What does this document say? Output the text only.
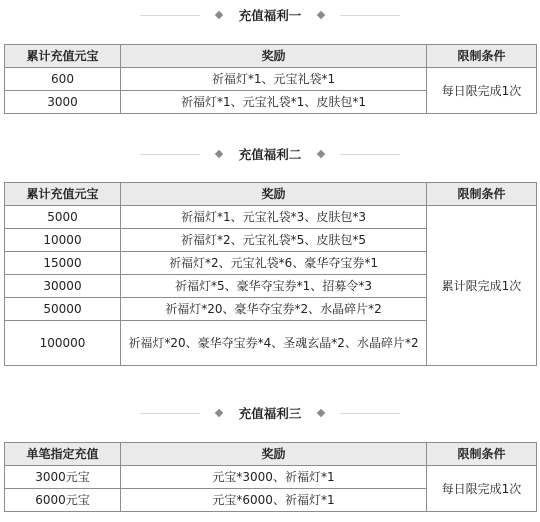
充值福利一
累计充值元宝	奖励	限制条件
600	祈福灯*1、元宝礼袋*1	每日限完成1次
3000	祈福灯*1、元宝礼袋*1、皮肤包*1	
充值福利二
累计充值元宝	奖励	限制条件
5000	祈福灯*1、元宝礼袋*3、皮肤包*3	累计限完成1次
10000	祈福灯*2、元宝礼袋*5、皮肤包*5	
15000	祈福灯*2、元宝礼袋*6、豪华夺宝券*1	
30000	祈福灯*5、豪华夺宝券*1、招募令*3	
50000	祈福灯*20、豪华夺宝券*2、水晶碎片*2	
100000	祈福灯*20、豪华夺宝券*4、圣魂玄晶*2、水晶碎片*2	
充值福利三
单笔指定充值	奖励	限制条件
3000元宝	元宝*3000、祈福灯*1	每日限完成1次
6000元宝	元宝*6000、祈福灯*1	
